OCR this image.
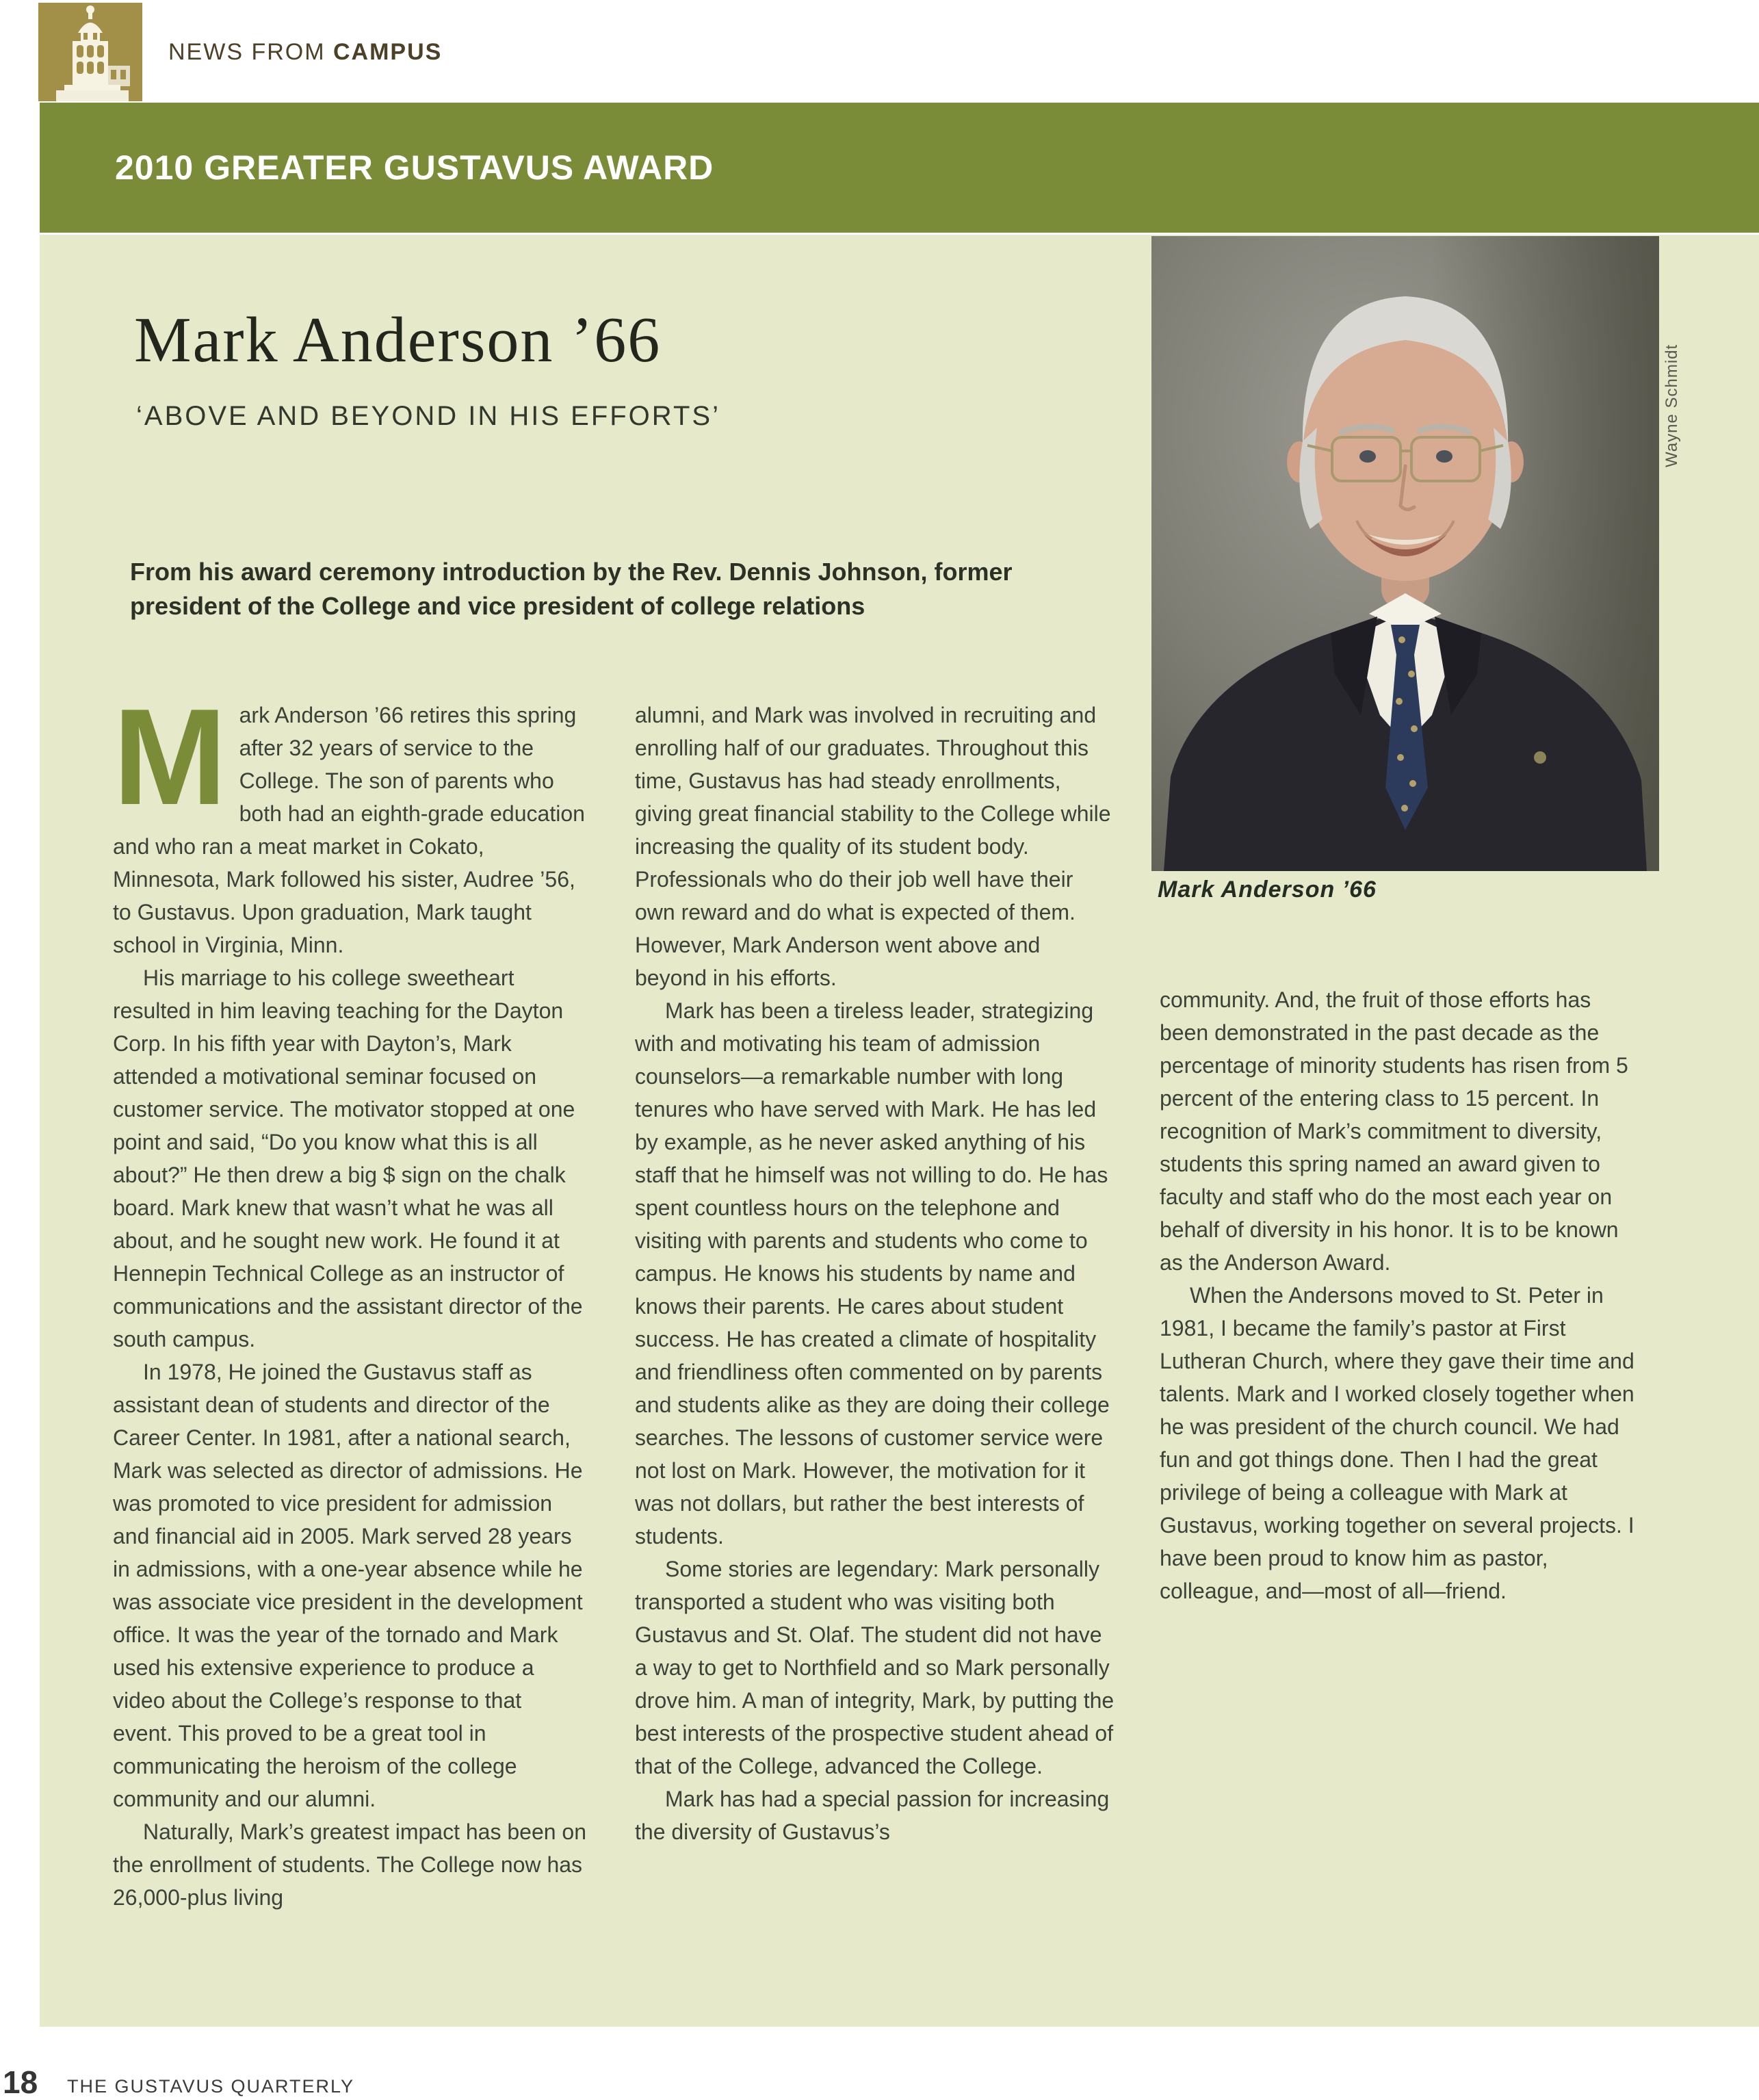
NEWS FROM CAMPUS
2010 GREATER GUSTAVUS AWARD
Mark Anderson ’66
‘ABOVE AND BEYOND IN HIS EFFORTS’
From his award ceremony introduction by the Rev. Dennis Johnson, former president of the College and vice president of college relations
Wayne Schmidt
Mark Anderson ’66

Mark Anderson ’66 retires this spring after 32 years of service to the College. The son of parents who both had an eighth-grade education and who ran a meat market in Cokato, Minnesota, Mark followed his sister, Audree ’56, to Gustavus. Upon graduation, Mark taught school in Virginia, Minn.

His marriage to his college sweetheart resulted in him leaving teaching for the Dayton Corp. In his fifth year with Dayton’s, Mark attended a motivational seminar focused on customer service. The motivator stopped at one point and said, “Do you know what this is all about?” He then drew a big $ sign on the chalk board. Mark knew that wasn’t what he was all about, and he sought new work. He found it at Hennepin Technical College as an instructor of communications and the assistant director of the south campus.

In 1978, He joined the Gustavus staff as assistant dean of students and director of the Career Center. In 1981, after a national search, Mark was selected as director of admissions. He was promoted to vice president for admission and financial aid in 2005. Mark served 28 years in admissions, with a one-year absence while he was associate vice president in the development office. It was the year of the tornado and Mark used his extensive experience to produce a video about the College’s response to that event. This proved to be a great tool in communicating the heroism of the college community and our alumni.

Naturally, Mark’s greatest impact has been on the enrollment of students. The College now has 26,000-plus living

alumni, and Mark was involved in recruiting and enrolling half of our graduates. Throughout this time, Gustavus has had steady enrollments, giving great financial stability to the College while increasing the quality of its student body. Professionals who do their job well have their own reward and do what is expected of them. However, Mark Anderson went above and beyond in his efforts.

Mark has been a tireless leader, strategizing with and motivating his team of admission counselors—a remarkable number with long tenures who have served with Mark. He has led by example, as he never asked anything of his staff that he himself was not willing to do. He has spent countless hours on the telephone and visiting with parents and students who come to campus. He knows his students by name and knows their parents. He cares about student success. He has created a climate of hospitality and friendliness often commented on by parents and students alike as they are doing their college searches. The lessons of customer service were not lost on Mark. However, the motivation for it was not dollars, but rather the best interests of students.

Some stories are legendary: Mark personally transported a student who was visiting both Gustavus and St. Olaf. The student did not have a way to get to Northfield and so Mark personally drove him. A man of integrity, Mark, by putting the best interests of the prospective student ahead of that of the College, advanced the College.

Mark has had a special passion for increasing the diversity of Gustavus’s

community. And, the fruit of those efforts has been demonstrated in the past decade as the percentage of minority students has risen from 5 percent of the entering class to 15 percent. In recognition of Mark’s commitment to diversity, students this spring named an award given to faculty and staff who do the most each year on behalf of diversity in his honor. It is to be known as the Anderson Award.

When the Andersons moved to St. Peter in 1981, I became the family’s pastor at First Lutheran Church, where they gave their time and talents. Mark and I worked closely together when he was president of the church council. We had fun and got things done. Then I had the great privilege of being a colleague with Mark at Gustavus, working together on several projects. I have been proud to know him as pastor, colleague, and—most of all—friend.

18 THE GUSTAVUS QUARTERLY
